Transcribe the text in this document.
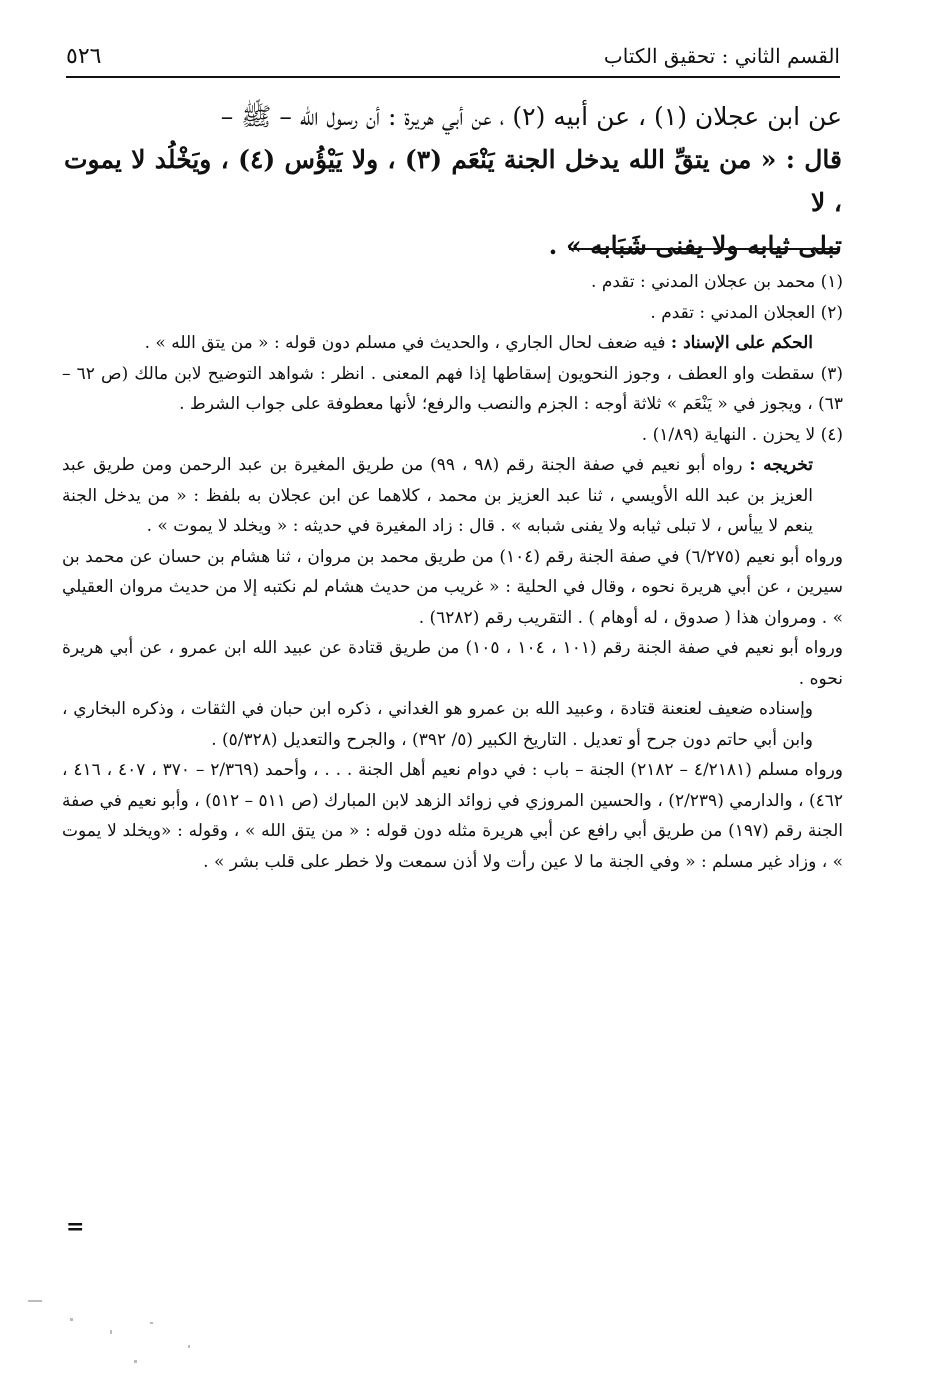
٥٢٦	القسم الثاني : تحقيق الكتاب

عن ابن عجلان (١) ، عن أبيه (٢) ، عن أبي هريرة : أن رسول الله – ﷺ –

قال : « من يتقِّ الله يدخل الجنة يَنْعَم (٣) ، ولا يَيْؤُس (٤) ، ويَخْلُد لا يموت ، لا

تبلى ثيابه ولا يفنى شَبَابه » .

(١) محمد بن عجلان المدني : تقدم .

(٢) العجلان المدني : تقدم .

الحكم على الإسناد : فيه ضعف لحال الجاري ، والحديث في مسلم دون قوله : « من يتق الله » .

(٣) سقطت واو العطف ، وجوز النحويون إسقاطها إذا فهم المعنى . انظر : شواهد التوضيح لابن مالك (ص ٦٢ – ٦٣) ، ويجوز في « يَنْعَم » ثلاثة أوجه : الجزم والنصب والرفع؛ لأنها معطوفة على جواب الشرط .

(٤) لا يحزن . النهاية (١/٨٩) .

تخريجه : رواه أبو نعيم في صفة الجنة رقم (٩٨ ، ٩٩) من طريق المغيرة بن عبد الرحمن ومن طريق عبد العزيز بن عبد الله الأويسي ، ثنا عبد العزيز بن محمد ، كلاهما عن ابن عجلان به بلفظ : « من يدخل الجنة ينعم لا ييأس ، لا تبلى ثيابه ولا يفنى شبابه » . قال : زاد المغيرة في حديثه : « ويخلد لا يموت » .

ورواه أبو نعيم (٦/٢٧٥) في صفة الجنة رقم (١٠٤) من طريق محمد بن مروان ، ثنا هشام بن حسان عن محمد بن سيرين ، عن أبي هريرة نحوه ، وقال في الحلية : « غريب من حديث هشام لم نكتبه إلا من حديث مروان العقيلي » . ومروان هذا ( صدوق ، له أوهام ) . التقريب رقم (٦٢٨٢) .

ورواه أبو نعيم في صفة الجنة رقم (١٠١ ، ١٠٤ ، ١٠٥) من طريق قتادة عن عبيد الله ابن عمرو ، عن أبي هريرة نحوه .

وإسناده ضعيف لعنعنة قتادة ، وعبيد الله بن عمرو هو الغداني ، ذكره ابن حبان في الثقات ، وذكره البخاري ، وابن أبي حاتم دون جرح أو تعديل . التاريخ الكبير (٥/ ٣٩٢) ، والجرح والتعديل (٥/٣٢٨) .

ورواه مسلم (٤/٢١٨١ – ٢١٨٢) الجنة – باب : في دوام نعيم أهل الجنة . . . ، وأحمد (٢/٣٦٩ – ٣٧٠ ، ٤٠٧ ، ٤١٦ ، ٤٦٢) ، والدارمي (٢/٢٣٩) ، والحسين المروزي في زوائد الزهد لابن المبارك (ص ٥١١ – ٥١٢) ، وأبو نعيم في صفة الجنة رقم (١٩٧) من طريق أبي رافع عن أبي هريرة مثله دون قوله : « من يتق الله » ، وقوله : «ويخلد لا يموت » ، وزاد غير مسلم : « وفي الجنة ما لا عين رأت ولا أذن سمعت ولا خطر على قلب بشر » .

=
